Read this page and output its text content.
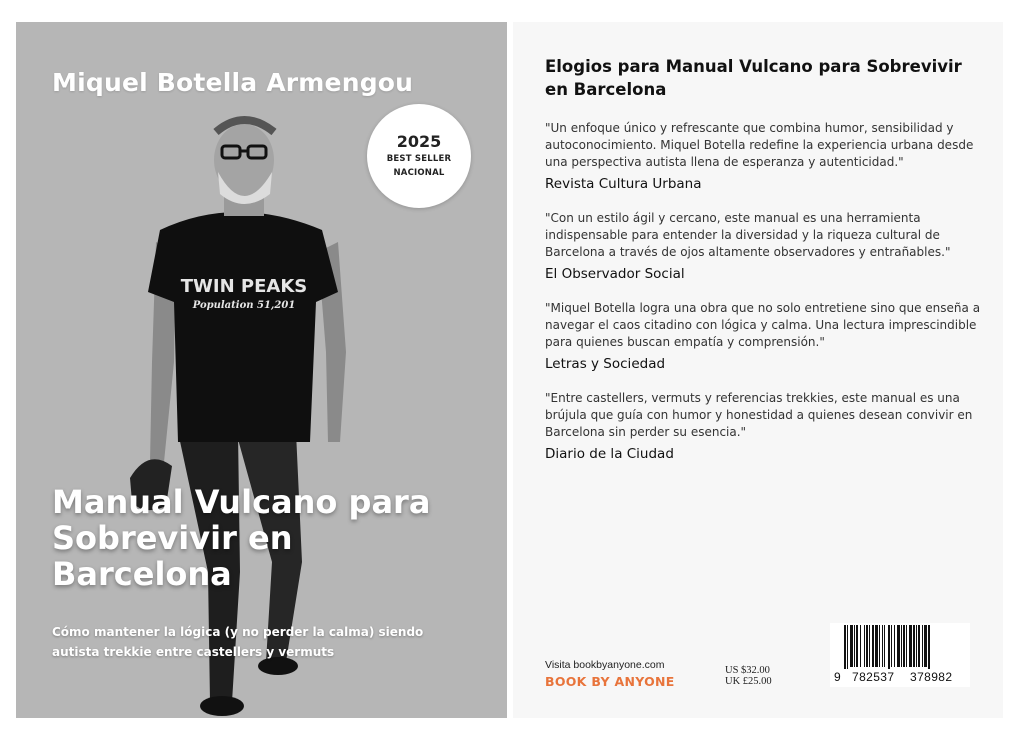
Miquel Botella Armengou
TWIN PEAKS
Population 51,201
2025
BEST SELLER
NACIONAL
Manual Vulcano para Sobrevivir en Barcelona

Cómo mantener la lógica (y no perder la calma) siendo autista trekkie entre castellers y vermuts

Elogios para Manual Vulcano para Sobrevivir en Barcelona

"Un enfoque único y refrescante que combina humor, sensibilidad y autoconocimiento. Miquel Botella redefine la experiencia urbana desde una perspectiva autista llena de esperanza y autenticidad."

Revista Cultura Urbana

"Con un estilo ágil y cercano, este manual es una herramienta indispensable para entender la diversidad y la riqueza cultural de Barcelona a través de ojos altamente observadores y entrañables."

El Observador Social

"Miquel Botella logra una obra que no solo entretiene sino que enseña a navegar el caos citadino con lógica y calma. Una lectura imprescindible para quienes buscan empatía y comprensión."

Letras y Sociedad

"Entre castellers, vermuts y referencias trekkies, este manual es una brújula que guía con humor y honestidad a quienes desean convivir en Barcelona sin perder su esencia."

Diario de la Ciudad

Visita bookbyanyone.com
BOOK BY ANYONE
US $32.00
UK £25.00	9 782537 378982
